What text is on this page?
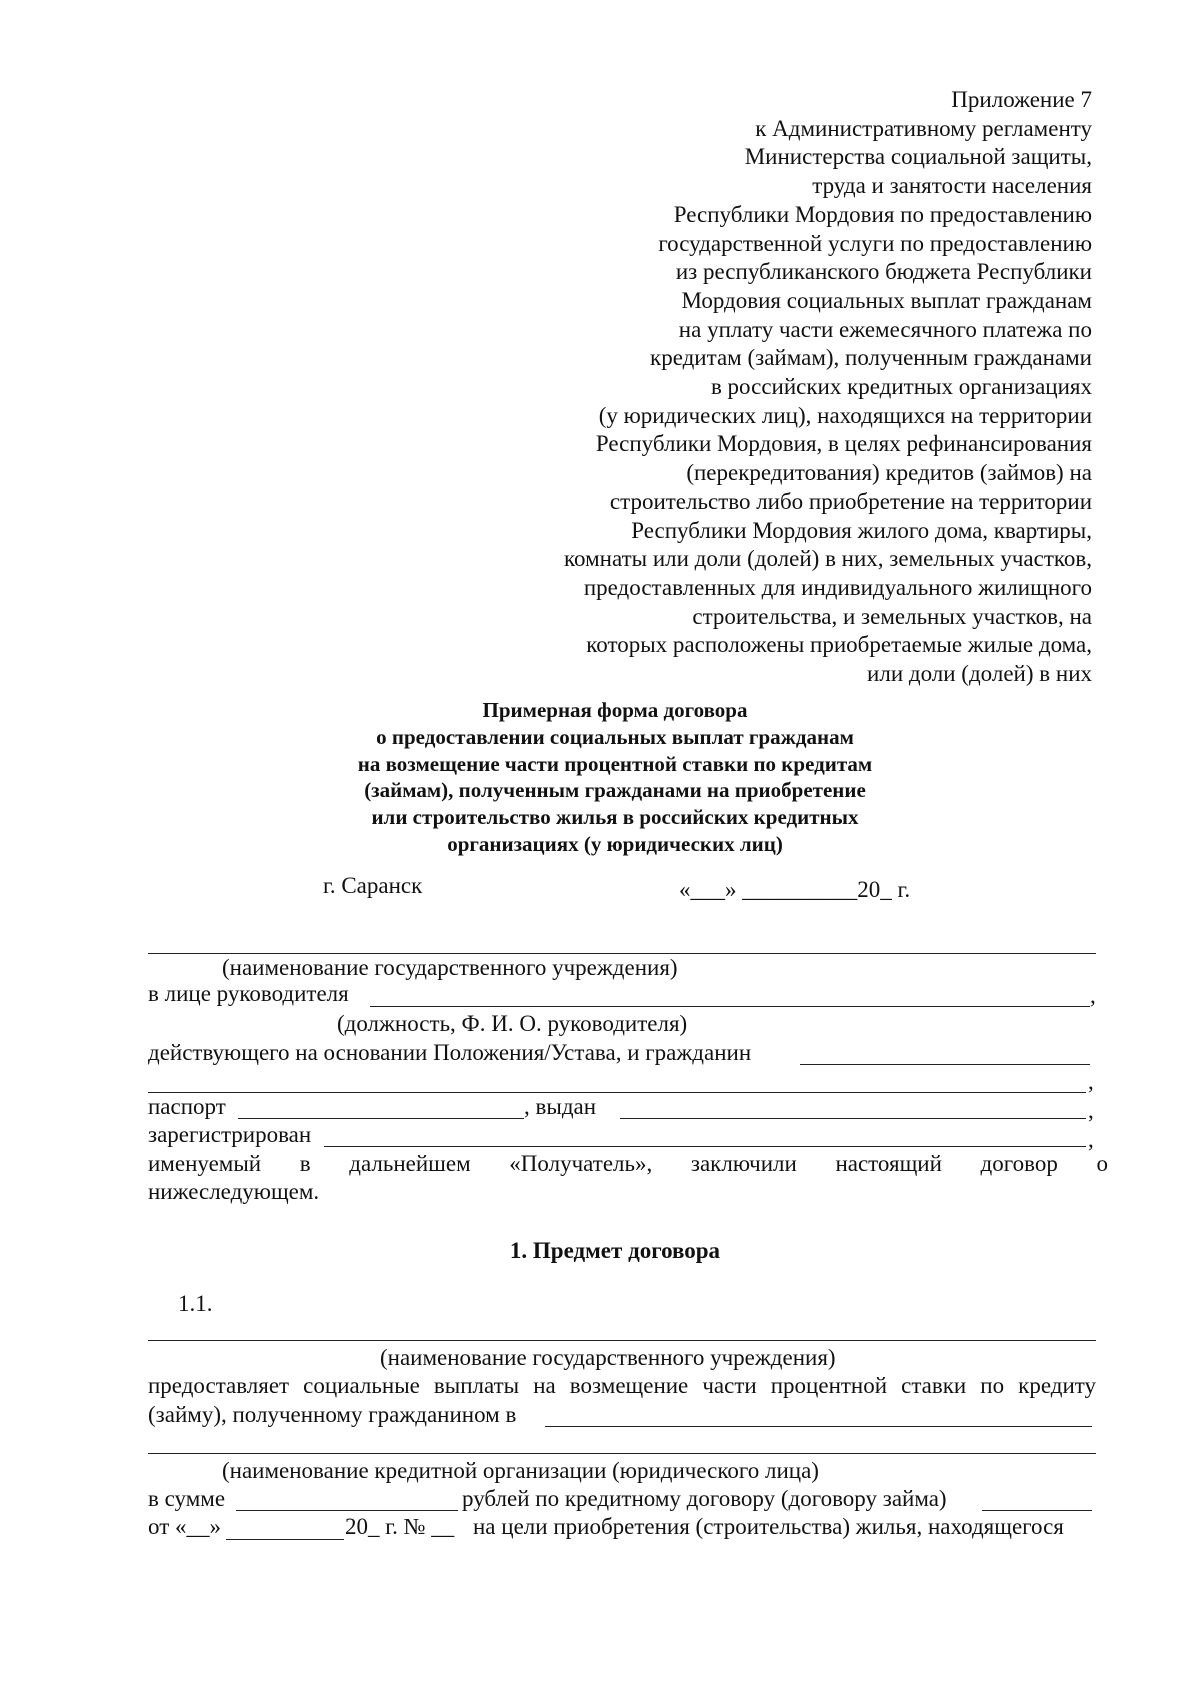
Приложение 7
к Административному регламенту
Министерства социальной защиты,
труда и занятости населения
Республики Мордовия по предоставлению
государственной услуги по предоставлению
из республиканского бюджета Республики
Мордовия социальных выплат гражданам
на уплату части ежемесячного платежа по
кредитам (займам), полученным гражданами
в российских кредитных организациях
(у юридических лиц), находящихся на территории
Республики Мордовия, в целях рефинансирования
(перекредитования) кредитов (займов) на
строительство либо приобретение на территории
Республики Мордовия жилого дома, квартиры,
комнаты или доли (долей) в них, земельных участков,
предоставленных для индивидуального жилищного
строительства, и земельных участков, на
которых расположены приобретаемые жилые дома,
или доли (долей) в них
Примерная форма договора
о предоставлении социальных выплат гражданам
на возмещение части процентной ставки по кредитам
(займам), полученным гражданами на приобретение
или строительство жилья в российских кредитных
организациях (у юридических лиц)
г. Саранск	«___» __________20_ г.
(наименование государственного учреждения)
в лице руководителя	,
(должность, Ф. И. О. руководителя)
действующего на основании Положения/Устава, и гражданин
,
паспорт	, выдан	,
зарегистрирован	,
именуемый в дальнейшем «Получатель», заключили настоящий договор о
нижеследующем.
1. Предмет договора
1.1.
(наименование государственного учреждения)
предоставляет социальные выплаты на возмещение части процентной ставки по кредиту
(займу), полученному гражданином в
(наименование кредитной организации (юридического лица)
в сумме	рублей по кредитному договору (договору займа)
от «__»	20_ г. № __ на цели приобретения (строительства) жилья, находящегося
